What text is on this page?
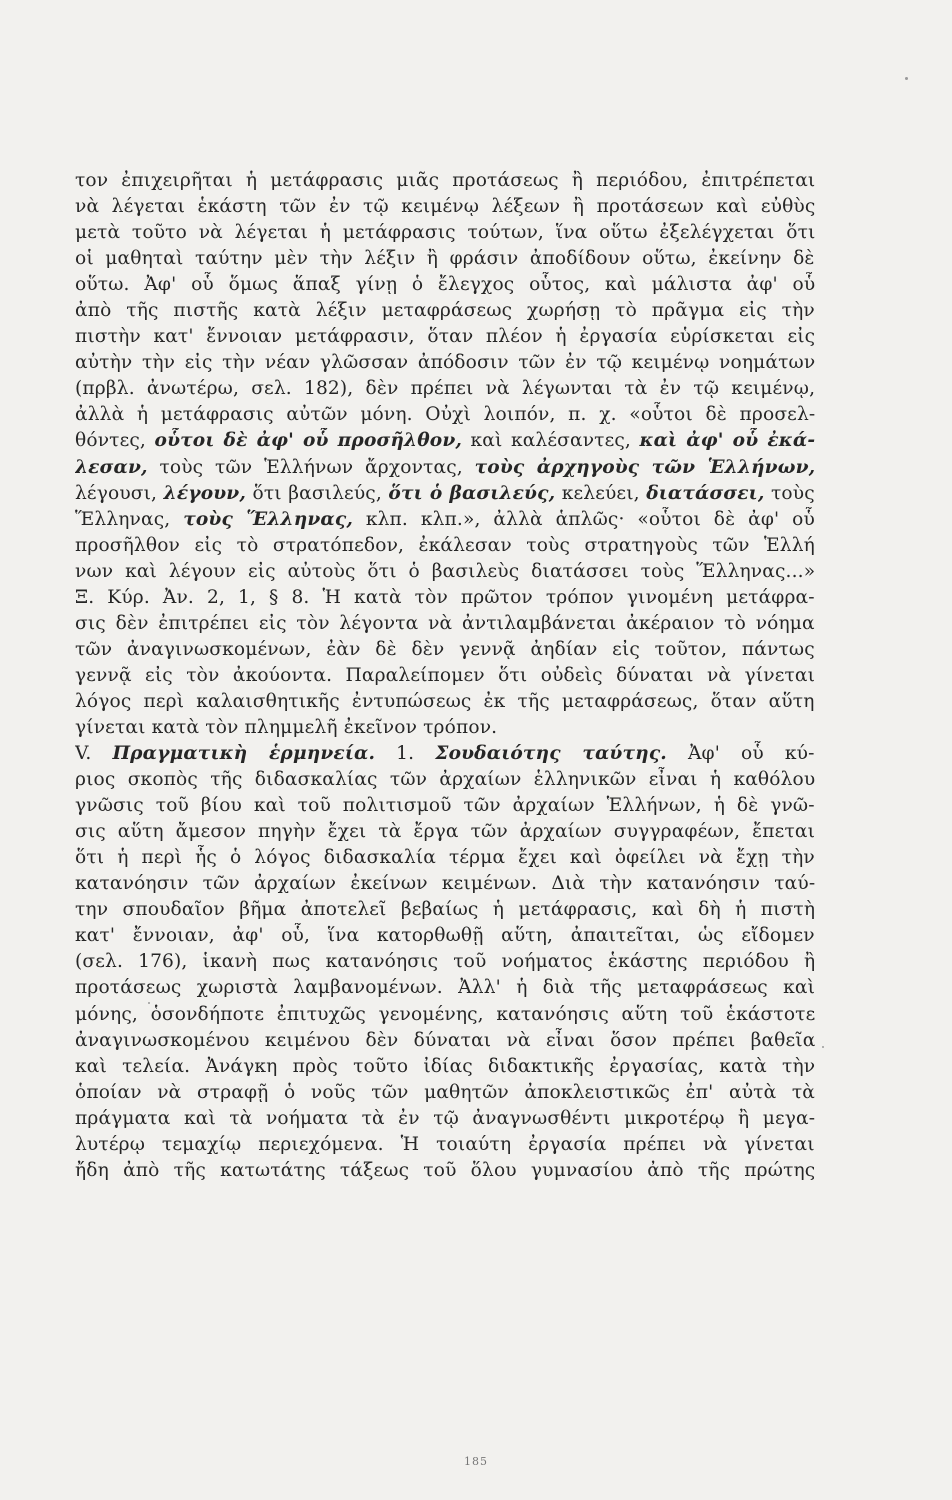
τον ἐπιχειρῆται ἡ μετάφρασις μιᾶς προτάσεως ἢ περιόδου, ἐπιτρέπεται
νὰ λέγεται ἑκάστη τῶν ἐν τῷ κειμένῳ λέξεων ἢ προτάσεων καὶ εὐθὺς
μετὰ τοῦτο νὰ λέγεται ἡ μετάφρασις τούτων, ἵνα οὕτω ἐξελέγχεται ὅτι
οἱ μαθηταὶ ταύτην μὲν τὴν λέξιν ἢ φράσιν ἀποδίδουν οὕτω, ἐκείνην δὲ
οὕτω. Ἀφ' οὗ ὅμως ἅπαξ γίνῃ ὁ ἔλεγχος οὗτος, καὶ μάλιστα ἀφ' οὗ
ἀπὸ τῆς πιστῆς κατὰ λέξιν μεταφράσεως χωρήσῃ τὸ πρᾶγμα εἰς τὴν
πιστὴν κατ' ἔννοιαν μετάφρασιν, ὅταν πλέον ἡ ἐργασία εὑρίσκεται εἰς
αὐτὴν τὴν εἰς τὴν νέαν γλῶσσαν ἀπόδοσιν τῶν ἐν τῷ κειμένῳ νοημάτων
(πρβλ. ἀνωτέρω, σελ. 182), δὲν πρέπει νὰ λέγωνται τὰ ἐν τῷ κειμένῳ,
ἀλλὰ ἡ μετάφρασις αὐτῶν μόνη. Οὐχὶ λοιπόν, π. χ. «οὗτοι δὲ προσελ-
θόντες, οὗτοι δὲ ἀφ' οὗ προσῆλθον, καὶ καλέσαντες, καὶ ἀφ' οὗ ἐκά-
λεσαν, τοὺς τῶν Ἑλλήνων ἄρχοντας, τοὺς ἀρχηγοὺς τῶν Ἑλλήνων,
λέγουσι, λέγουν, ὅτι βασιλεύς, ὅτι ὁ βασιλεύς, κελεύει, διατάσσει, τοὺς
Ἕλληνας, τοὺς Ἕλληνας, κλπ. κλπ.», ἀλλὰ ἁπλῶς· «οὗτοι δὲ ἀφ' οὗ
προσῆλθον εἰς τὸ στρατόπεδον, ἐκάλεσαν τοὺς στρατηγοὺς τῶν Ἑλλή
νων καὶ λέγουν εἰς αὐτοὺς ὅτι ὁ βασιλεὺς διατάσσει τοὺς Ἕλληνας...»
Ξ. Κύρ. Ἀν. 2, 1, § 8. Ἡ κατὰ τὸν πρῶτον τρόπον γινομένη μετάφρα-
σις δὲν ἐπιτρέπει εἰς τὸν λέγοντα νὰ ἀντιλαμβάνεται ἀκέραιον τὸ νόημα
τῶν ἀναγινωσκομένων, ἐὰν δὲ δὲν γεννᾷ ἀηδίαν εἰς τοῦτον, πάντως
γεννᾷ εἰς τὸν ἀκούοντα. Παραλείπομεν ὅτι οὐδεὶς δύναται νὰ γίνεται
λόγος περὶ καλαισθητικῆς ἐντυπώσεως ἐκ τῆς μεταφράσεως, ὅταν αὕτη
γίνεται κατὰ τὸν πλημμελῆ ἐκεῖνον τρόπον.
V. Πραγματικὴ ἑρμηνεία. 1. Σουδαιότης ταύτης. Ἀφ' οὗ κύ-
ριος σκοπὸς τῆς διδασκαλίας τῶν ἀρχαίων ἑλληνικῶν εἶναι ἡ καθόλου
γνῶσις τοῦ βίου καὶ τοῦ πολιτισμοῦ τῶν ἀρχαίων Ἑλλήνων, ἡ δὲ γνῶ-
σις αὕτη ἄμεσον πηγὴν ἔχει τὰ ἔργα τῶν ἀρχαίων συγγραφέων, ἔπεται
ὅτι ἡ περὶ ἧς ὁ λόγος διδασκαλία τέρμα ἔχει καὶ ὀφείλει νὰ ἔχῃ τὴν
κατανόησιν τῶν ἀρχαίων ἐκείνων κειμένων. Διὰ τὴν κατανόησιν ταύ-
την σπουδαῖον βῆμα ἀποτελεῖ βεβαίως ἡ μετάφρασις, καὶ δὴ ἡ πιστὴ
κατ' ἔννοιαν, ἀφ' οὗ, ἵνα κατορθωθῇ αὕτη, ἀπαιτεῖται, ὡς εἴδομεν
(σελ. 176), ἱκανὴ πως κατανόησις τοῦ νοήματος ἑκάστης περιόδου ἢ
προτάσεως χωριστὰ λαμβανομένων. Ἀλλ' ἡ διὰ τῆς μεταφράσεως καὶ
μόνης, ὁσονδήποτε ἐπιτυχῶς γενομένης, κατανόησις αὕτη τοῦ ἑκάστοτε
ἀναγινωσκομένου κειμένου δὲν δύναται νὰ εἶναι ὅσον πρέπει βαθεῖα
καὶ τελεία. Ἀνάγκη πρὸς τοῦτο ἰδίας διδακτικῆς ἐργασίας, κατὰ τὴν
ὁποίαν νὰ στραφῇ ὁ νοῦς τῶν μαθητῶν ἀποκλειστικῶς ἐπ' αὐτὰ τὰ
πράγματα καὶ τὰ νοήματα τὰ ἐν τῷ ἀναγνωσθέντι μικροτέρῳ ἢ μεγα-
λυτέρῳ τεμαχίῳ περιεχόμενα. Ἡ τοιαύτη ἐργασία πρέπει νὰ γίνεται
ἤδη ἀπὸ τῆς κατωτάτης τάξεως τοῦ ὅλου γυμνασίου ἀπὸ τῆς πρώτης
185
